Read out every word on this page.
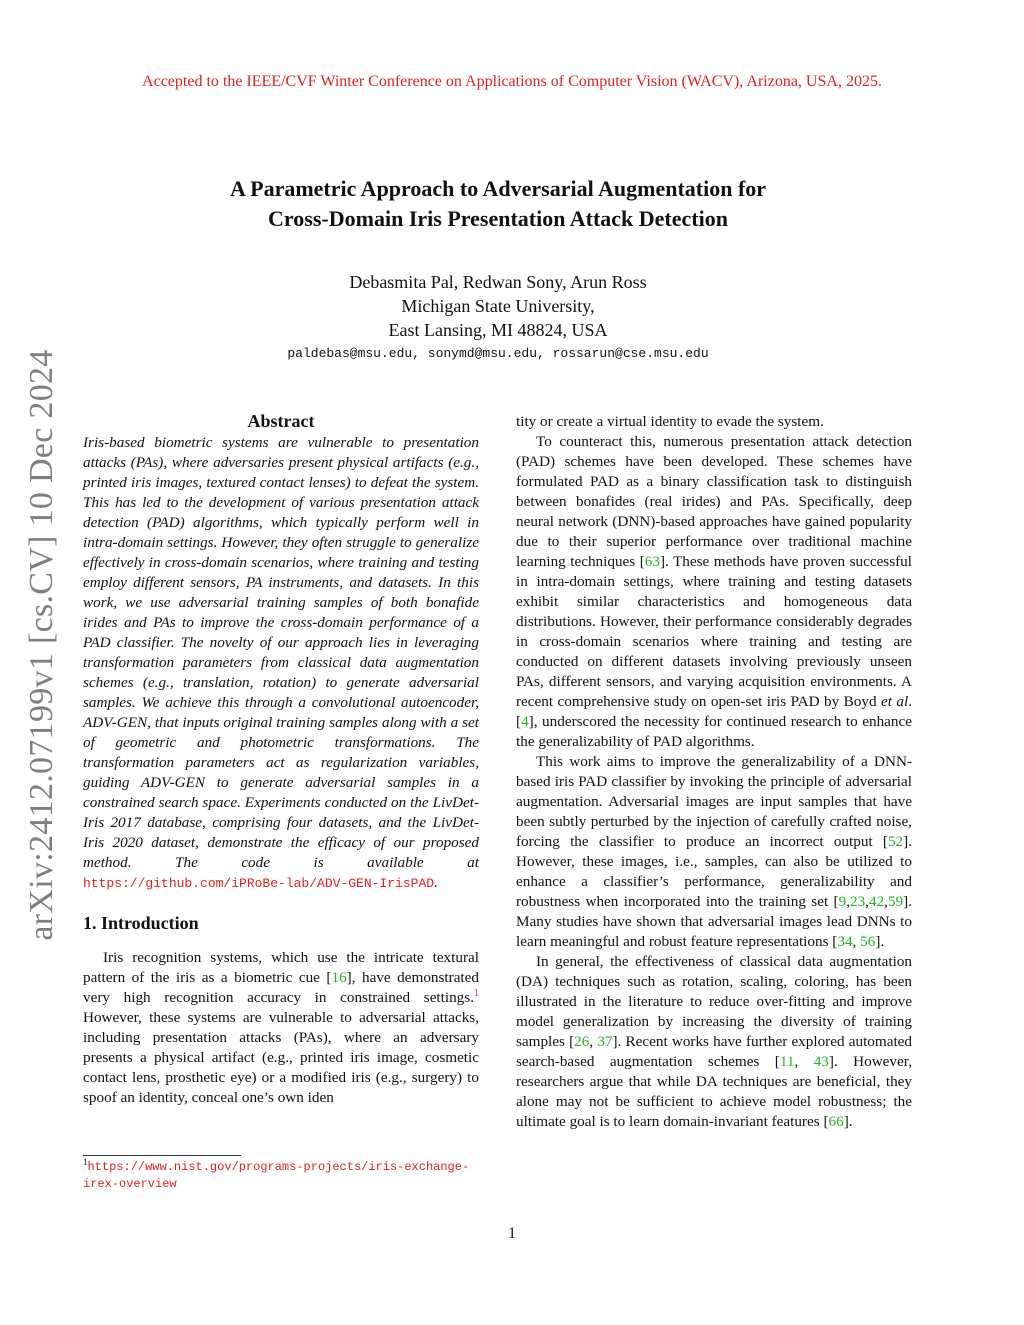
Accepted to the IEEE/CVF Winter Conference on Applications of Computer Vision (WACV), Arizona, USA, 2025.
arXiv:2412.07199v1 [cs.CV] 10 Dec 2024
A Parametric Approach to Adversarial Augmentation for
Cross-Domain Iris Presentation Attack Detection
Debasmita Pal, Redwan Sony, Arun Ross
Michigan State University,
East Lansing, MI 48824, USA
paldebas@msu.edu, sonymd@msu.edu, rossarun@cse.msu.edu
Abstract

Iris-based biometric systems are vulnerable to presentation attacks (PAs), where adversaries present physical artifacts (e.g., printed iris images, textured contact lenses) to defeat the system. This has led to the development of various presentation attack detection (PAD) algorithms, which typically perform well in intra-domain settings. However, they often struggle to generalize effectively in cross-domain scenarios, where training and testing employ different sensors, PA instruments, and datasets. In this work, we use adversarial training samples of both bonafide irides and PAs to improve the cross-domain performance of a PAD classifier. The novelty of our approach lies in leveraging transformation parameters from classical data augmentation schemes (e.g., translation, rotation) to generate adversarial samples. We achieve this through a convolutional autoencoder, ADV-GEN, that inputs original training samples along with a set of geometric and photometric transformations. The transformation parameters act as regularization variables, guiding ADV-GEN to generate adversarial samples in a constrained search space. Experiments conducted on the LivDet-Iris 2017 database, comprising four datasets, and the LivDet-Iris 2020 dataset, demonstrate the efficacy of our proposed method. The code is available at https://github.com/iPRoBe-lab/ADV-GEN-IrisPAD.

1. Introduction

Iris recognition systems, which use the intricate textural pattern of the iris as a biometric cue [16], have demonstrated very high recognition accuracy in constrained settings.$^1$ However, these systems are vulnerable to adversarial attacks, including presentation attacks (PAs), where an adversary presents a physical artifact (e.g., printed iris image, cosmetic contact lens, prosthetic eye) or a modified iris (e.g., surgery) to spoof an identity, conceal one’s own iden

$^1$https://www.nist.gov/programs-projects/iris-exchange-irex-overview

tity or create a virtual identity to evade the system.

To counteract this, numerous presentation attack detection (PAD) schemes have been developed. These schemes have formulated PAD as a binary classification task to distinguish between bonafides (real irides) and PAs. Specifically, deep neural network (DNN)-based approaches have gained popularity due to their superior performance over traditional machine learning techniques [63]. These methods have proven successful in intra-domain settings, where training and testing datasets exhibit similar characteristics and homogeneous data distributions. However, their performance considerably degrades in cross-domain scenarios where training and testing are conducted on different datasets involving previously unseen PAs, different sensors, and varying acquisition environments. A recent comprehensive study on open-set iris PAD by Boyd et al. [4], underscored the necessity for continued research to enhance the generalizability of PAD algorithms.

This work aims to improve the generalizability of a DNN-based iris PAD classifier by invoking the principle of adversarial augmentation. Adversarial images are input samples that have been subtly perturbed by the injection of carefully crafted noise, forcing the classifier to produce an incorrect output [52]. However, these images, i.e., samples, can also be utilized to enhance a classifier’s performance, generalizability and robustness when incorporated into the training set [9,23,42,59]. Many studies have shown that adversarial images lead DNNs to learn meaningful and robust feature representations [34, 56].

In general, the effectiveness of classical data augmentation (DA) techniques such as rotation, scaling, coloring, has been illustrated in the literature to reduce over-fitting and improve model generalization by increasing the diversity of training samples [26, 37]. Recent works have further explored automated search-based augmentation schemes [11, 43]. However, researchers argue that while DA techniques are beneficial, they alone may not be sufficient to achieve model robustness; the ultimate goal is to learn domain-invariant features [66].

1
